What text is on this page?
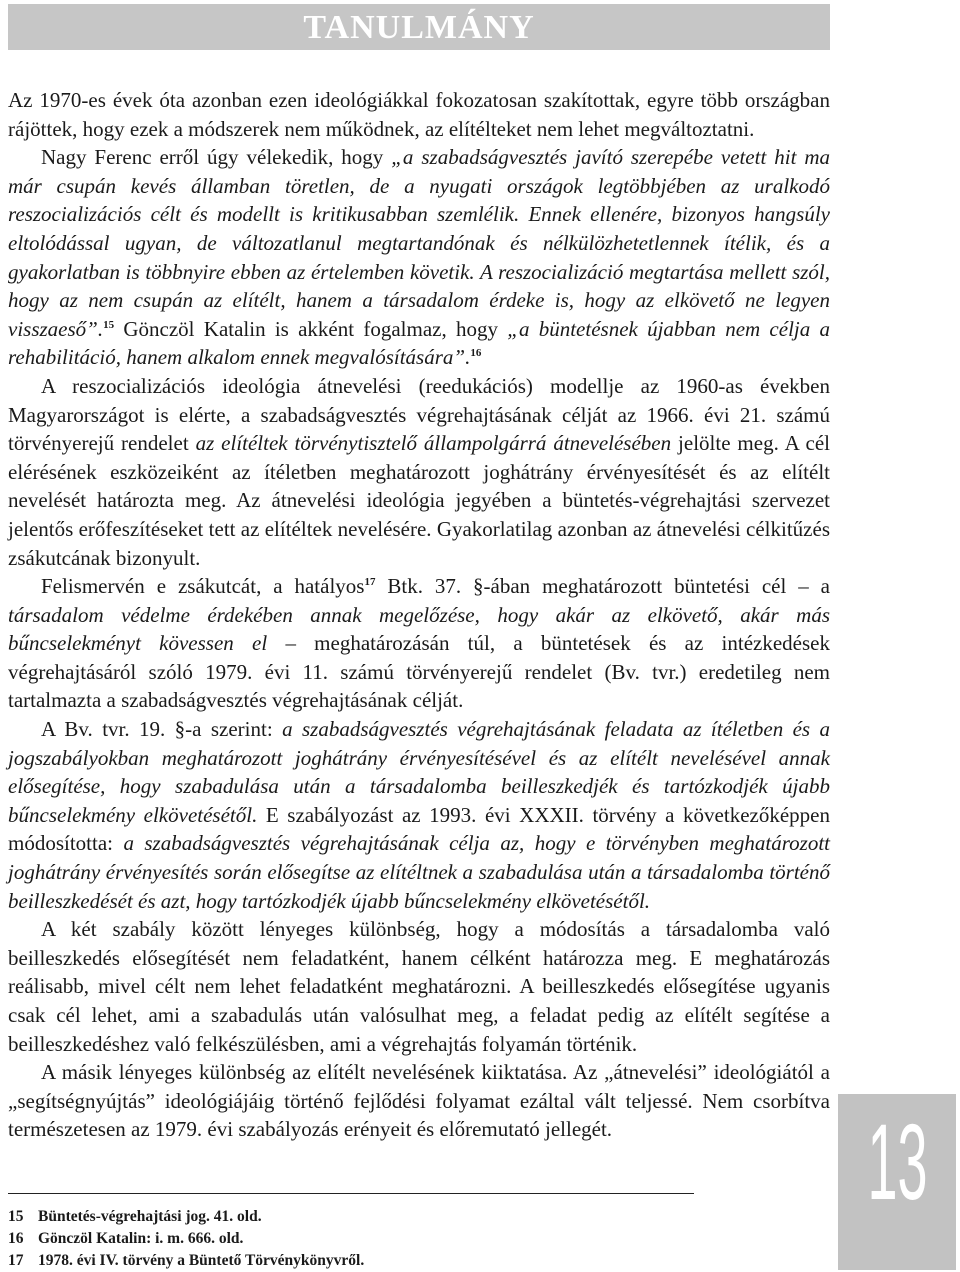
TANULMÁNY

Az 1970-es évek óta azonban ezen ideológiákkal fokozatosan szakítottak, egyre több országban rájöttek, hogy ezek a módszerek nem működnek, az elítélteket nem lehet megváltoztatni.

Nagy Ferenc erről úgy vélekedik, hogy „a szabadságvesztés javító szerepébe vetett hit ma már csupán kevés államban töretlen, de a nyugati országok legtöbbjében az uralkodó reszocializációs célt és modellt is kritikusabban szemlélik. Ennek ellenére, bizonyos hangsúly eltolódással ugyan, de változatlanul megtartandónak és nélkülözhetetlennek ítélik, és a gyakorlatban is többnyire ebben az értelemben követik. A reszocializáció megtartása mellett szól, hogy az nem csupán az elítélt, hanem a társadalom érdeke is, hogy az elkövető ne legyen visszaeső”.$^{15}$ Gönczöl Katalin is akként fogalmaz, hogy „a büntetésnek újabban nem célja a rehabilitáció, hanem alkalom ennek megvalósítására”.$^{16}$

A reszocializációs ideológia átnevelési (reedukációs) modellje az 1960-as években Magyarországot is elérte, a szabadságvesztés végrehajtásának célját az 1966. évi 21. számú törvényerejű rendelet az elítéltek törvénytisztelő állampolgárrá átnevelésében jelölte meg. A cél elérésének eszközeiként az ítéletben meghatározott joghátrány érvényesítését és az elítélt nevelését határozta meg. Az átnevelési ideológia jegyében a büntetés-végrehajtási szervezet jelentős erőfeszítéseket tett az elítéltek nevelésére. Gyakorlatilag azonban az átnevelési célkitűzés zsákutcának bizonyult.

Felismervén e zsákutcát, a hatályos$^{17}$ Btk. 37. §-ában meghatározott büntetési cél – a társadalom védelme érdekében annak megelőzése, hogy akár az elkövető, akár más bűncselekményt kövessen el – meghatározásán túl, a büntetések és az intézkedések végrehajtásáról szóló 1979. évi 11. számú törvényerejű rendelet (Bv. tvr.) eredetileg nem tartalmazta a szabadságvesztés végrehajtásának célját.

A Bv. tvr. 19. §-a szerint: a szabadságvesztés végrehajtásának feladata az ítéletben és a jogszabályokban meghatározott joghátrány érvényesítésével és az elítélt nevelésével annak elősegítése, hogy szabadulása után a társadalomba beilleszkedjék és tartózkodjék újabb bűncselekmény elkövetésétől. E szabályozást az 1993. évi XXXII. törvény a következőképpen módosította: a szabadságvesztés végrehajtásának célja az, hogy e törvényben meghatározott joghátrány érvényesítés során elősegítse az elítéltnek a szabadulása után a társadalomba történő beilleszkedését és azt, hogy tartózkodjék újabb bűncselekmény elkövetésétől.

A két szabály között lényeges különbség, hogy a módosítás a társadalomba való beilleszkedés elősegítését nem feladatként, hanem célként határozza meg. E meghatározás reálisabb, mivel célt nem lehet feladatként meghatározni. A beilleszkedés elősegítése ugyanis csak cél lehet, ami a szabadulás után valósulhat meg, a feladat pedig az elítélt segítése a beilleszkedéshez való felkészülésben, ami a végrehajtás folyamán történik.

A másik lényeges különbség az elítélt nevelésének kiiktatása. Az „átnevelési” ideológiától a „segítségnyújtás” ideológiájáig történő fejlődési folyamat ezáltal vált teljessé. Nem csorbítva természetesen az 1979. évi szabályozás erényeit és előremutató jellegét.

15 Büntetés-végrehajtási jog. 41. old.
16 Gönczöl Katalin: i. m. 666. old.
17 1978. évi IV. törvény a Büntető Törvénykönyvről.
13
